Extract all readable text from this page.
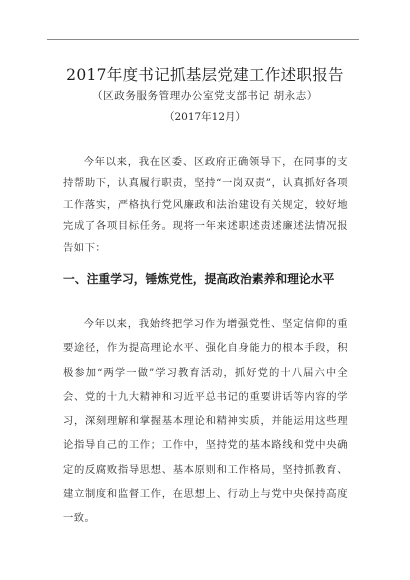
2017年度书记抓基层党建工作述职报告
（区政务服务管理办公室党支部书记 胡永志）
（2017年12月）

今年以来，我在区委、区政府正确领导下，在同事的支持帮助下，认真履行职责，坚持“一岗双责”，认真抓好各项工作落实，严格执行党风廉政和法治建设有关规定，较好地完成了各项目标任务。现将一年来述职述责述廉述法情况报告如下：

一、注重学习，锤炼党性，提高政治素养和理论水平

今年以来，我始终把学习作为增强党性、坚定信仰的重要途径，作为提高理论水平、强化自身能力的根本手段，积极参加“两学一做”学习教育活动，抓好党的十八届六中全会、党的十九大精神和习近平总书记的重要讲话等内容的学习，深刻理解和掌握基本理论和精神实质，并能运用这些理论指导自己的工作；工作中，坚持党的基本路线和党中央确定的反腐败指导思想、基本原则和工作格局，坚持抓教育、建立制度和监督工作，在思想上、行动上与党中央保持高度一致。
